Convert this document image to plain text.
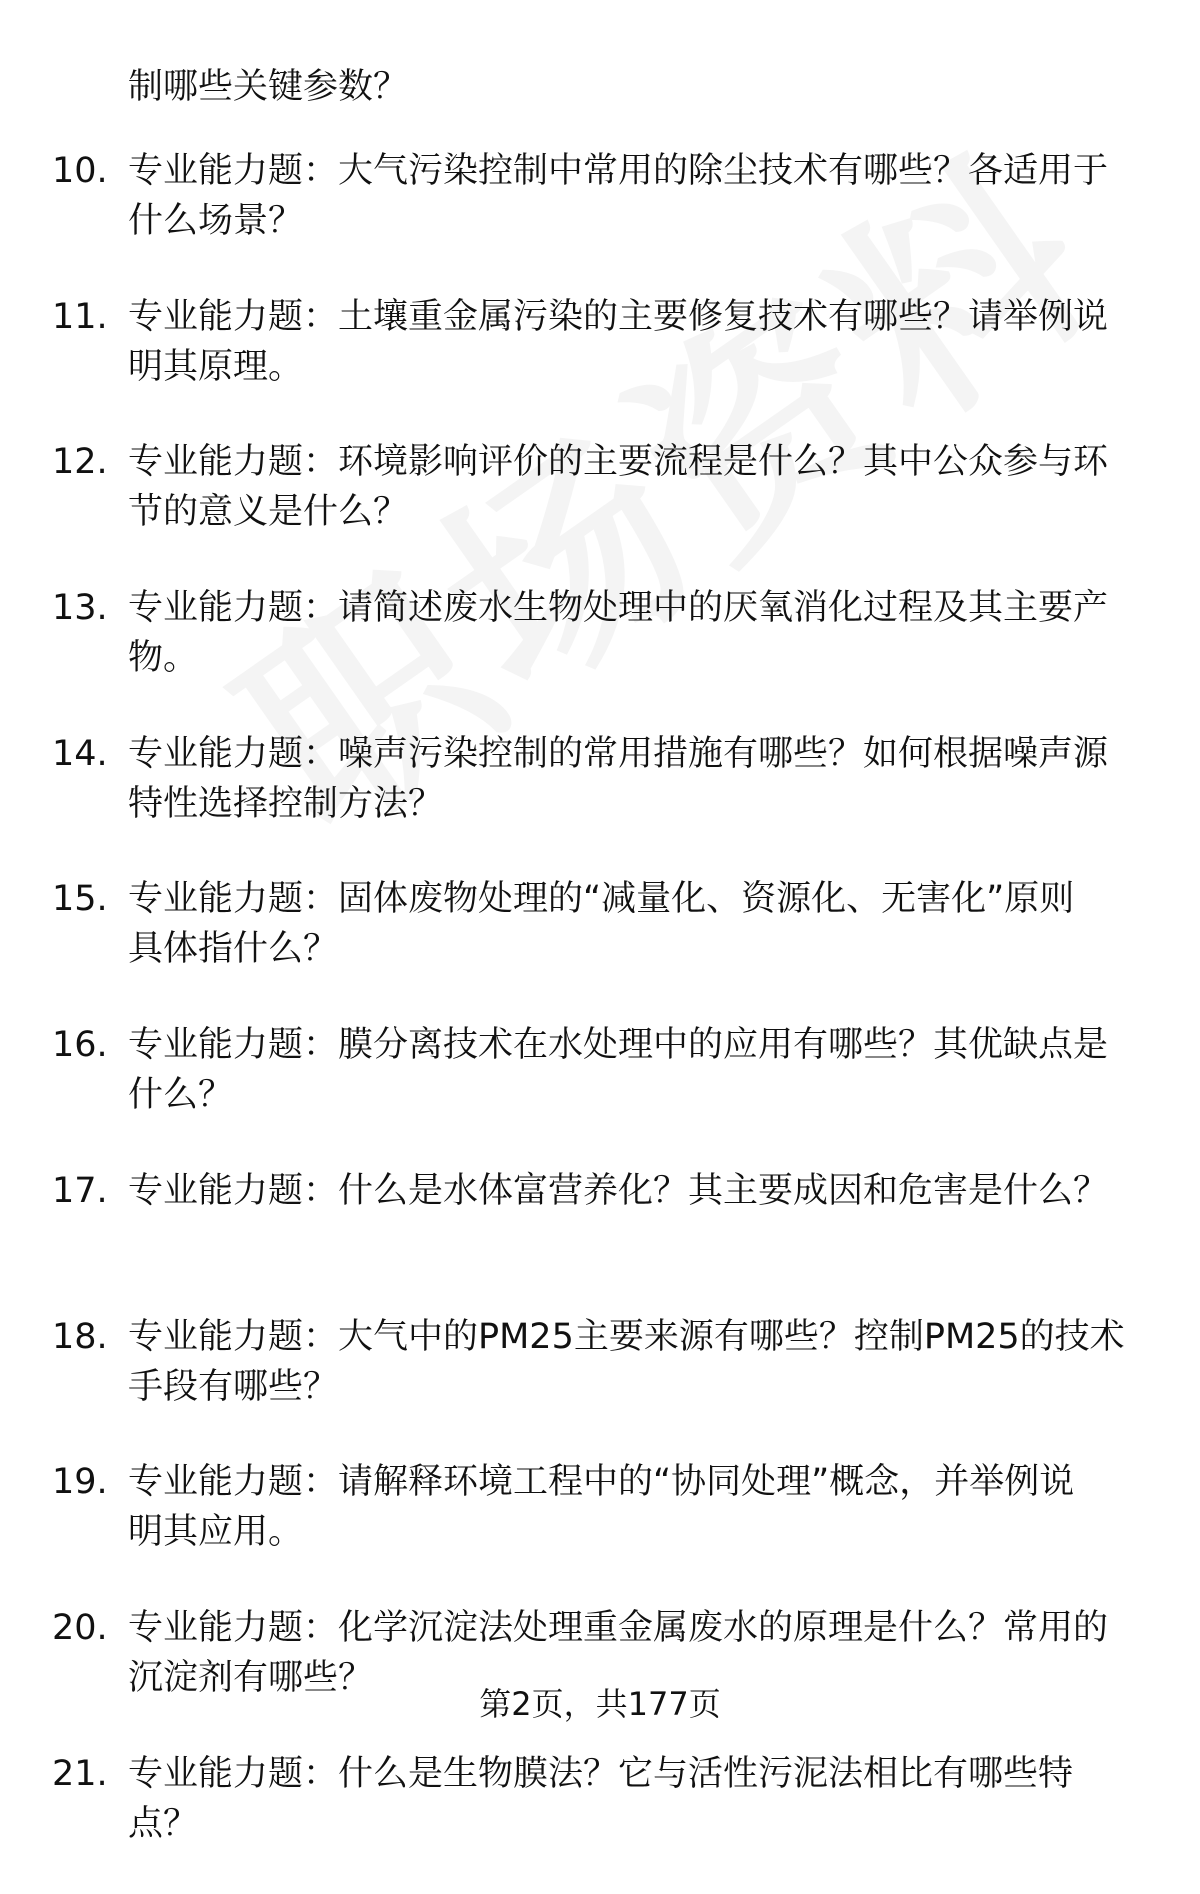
制哪些关键参数？
10. 专业能力题：大气污染控制中常用的除尘技术有哪些？各适用于
什么场景？
11. 专业能力题：土壤重金属污染的主要修复技术有哪些？请举例说
明其原理。
12. 专业能力题：环境影响评价的主要流程是什么？其中公众参与环
节的意义是什么？
13. 专业能力题：请简述废水生物处理中的厌氧消化过程及其主要产
物。
14. 专业能力题：噪声污染控制的常用措施有哪些？如何根据噪声源
特性选择控制方法？
15. 专业能力题：固体废物处理的“减量化、资源化、无害化”原则
具体指什么？
16. 专业能力题：膜分离技术在水处理中的应用有哪些？其优缺点是
什么？
17. 专业能力题：什么是水体富营养化？其主要成因和危害是什么？
18. 专业能力题：大气中的PM25主要来源有哪些？控制PM25的技术
手段有哪些？
19. 专业能力题：请解释环境工程中的“协同处理”概念，并举例说
明其应用。
20. 专业能力题：化学沉淀法处理重金属废水的原理是什么？常用的
沉淀剂有哪些？
21. 专业能力题：什么是生物膜法？它与活性污泥法相比有哪些特
点？
第2页，共177页
